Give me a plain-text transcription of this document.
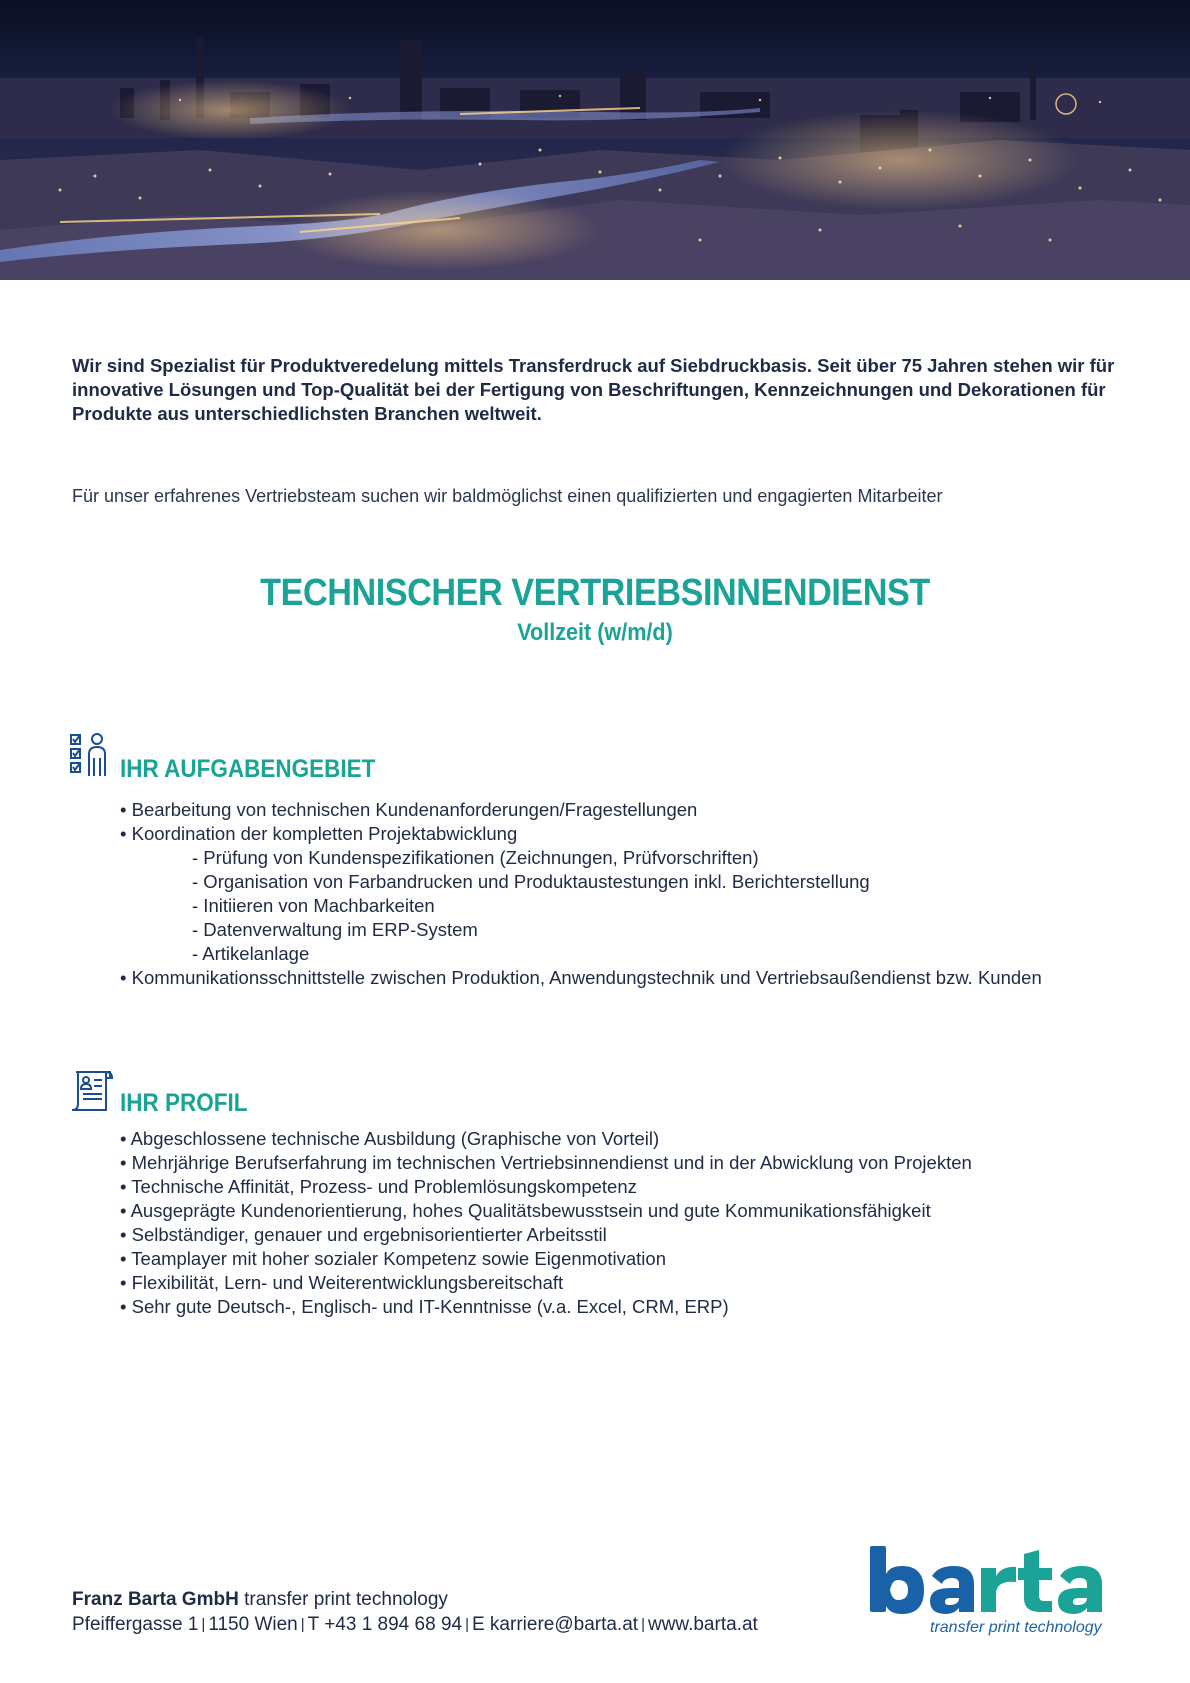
Wir sind Spezialist für Produktveredelung mittels Transferdruck auf Siebdruckbasis. Seit über 75 Jahren stehen wir für innovative Lösungen und Top-Qualität bei der Fertigung von Beschriftungen, Kennzeichnungen und Dekorationen für Produkte aus unterschiedlichsten Branchen weltweit.

Für unser erfahrenes Vertriebsteam suchen wir baldmöglichst einen qualifizierten und engagierten Mitarbeiter

TECHNISCHER VERTRIEBSINNENDIENST
Vollzeit (w/m/d)
IHR AUFGABENGEBIET
• Bearbeitung von technischen Kundenanforderungen/Fragestellungen
• Koordination der kompletten Projektabwicklung
- Prüfung von Kundenspezifikationen (Zeichnungen, Prüfvorschriften)
- Organisation von Farbandrucken und Produktaustestungen inkl. Berichterstellung
- Initiieren von Machbarkeiten
- Datenverwaltung im ERP-System
- Artikelanlage
• Kommunikationsschnittstelle zwischen Produktion, Anwendungstechnik und Vertriebsaußendienst bzw. Kunden
IHR PROFIL
• Abgeschlossene technische Ausbildung (Graphische von Vorteil)
• Mehrjährige Berufserfahrung im technischen Vertriebsinnendienst und in der Abwicklung von Projekten
• Technische Affinität, Prozess- und Problemlösungskompetenz
• Ausgeprägte Kundenorientierung, hohes Qualitätsbewusstsein und gute Kommunikationsfähigkeit
• Selbständiger, genauer und ergebnisorientierter Arbeitsstil
• Teamplayer mit hoher sozialer Kompetenz sowie Eigenmotivation
• Flexibilität, Lern- und Weiterentwicklungsbereitschaft
• Sehr gute Deutsch-, Englisch- und IT-Kenntnisse (v.a. Excel, CRM, ERP)
Franz Barta GmbH transfer print technology
Pfeiffergasse 1 | 1150 Wien | T +43 1 894 68 94 | E karriere@barta.at | www.barta.at	transfer print technology
